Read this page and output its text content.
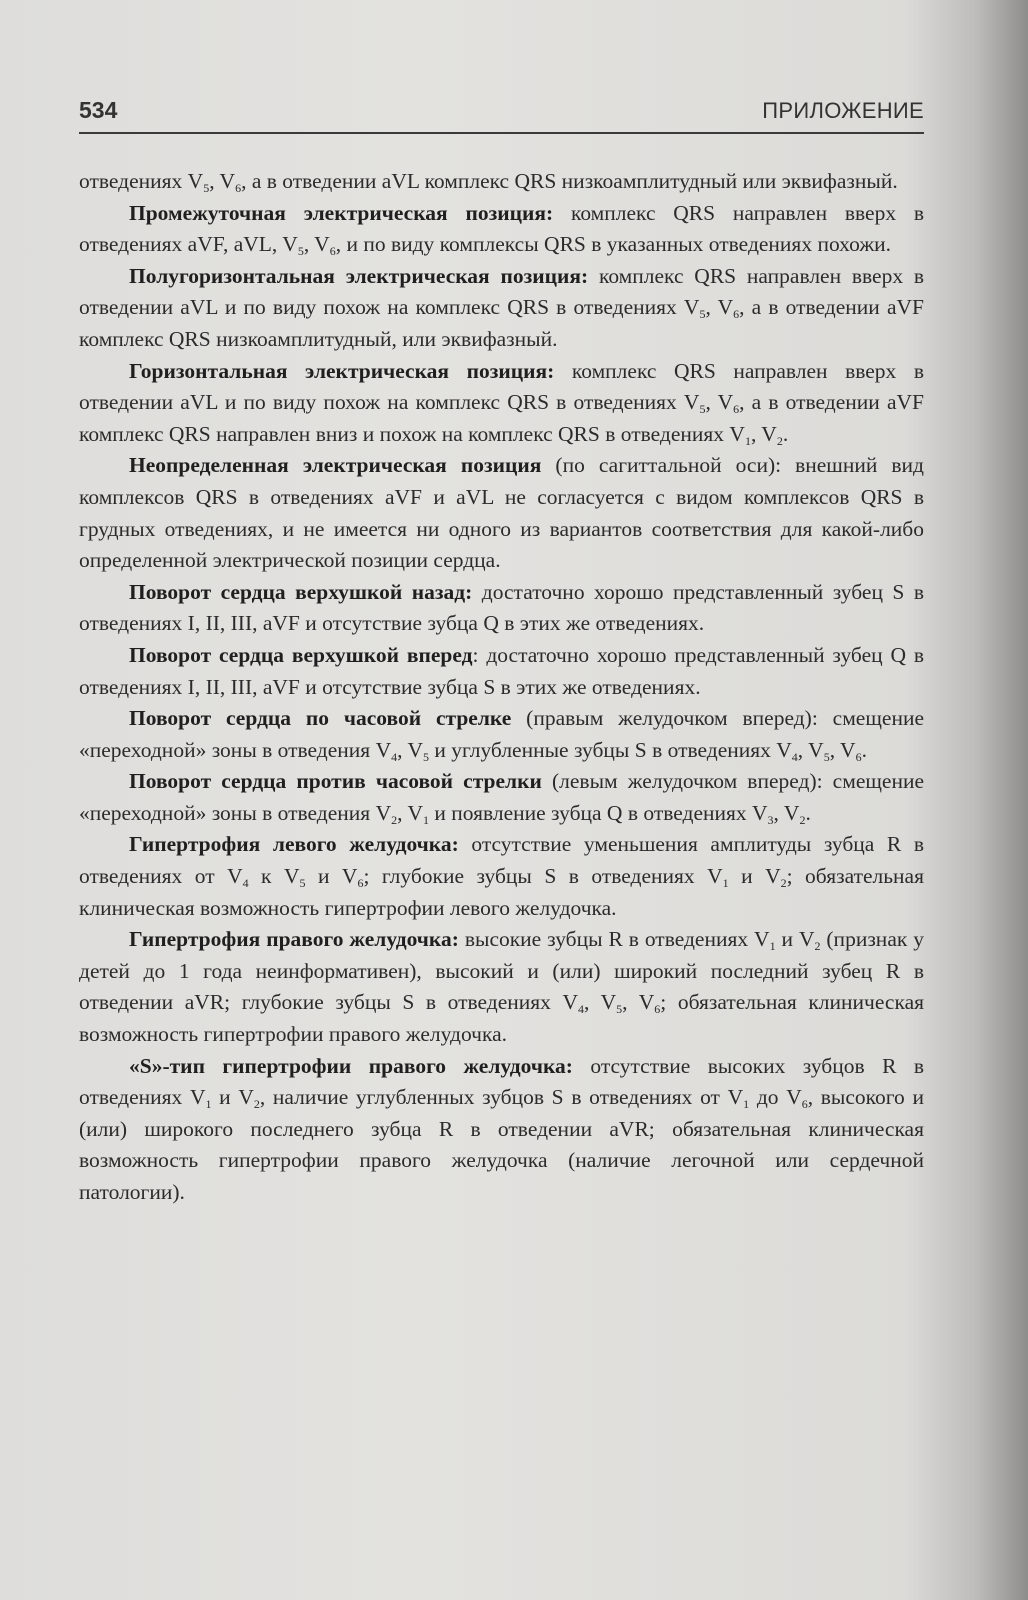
534	ПРИЛОЖЕНИЕ

отведениях $V_5$, $V_6$, а в отведении aVL комплекс QRS низкоамплитудный или эквифазный.

Промежуточная электрическая позиция: комплекс QRS направлен вверх в отведениях aVF, aVL, $V_5$, $V_6$, и по виду комплексы QRS в указанных отведениях похожи.

Полугоризонтальная электрическая позиция: комплекс QRS направлен вверх в отведении aVL и по виду похож на комплекс QRS в отведениях $V_5$, $V_6$, а в отведении aVF комплекс QRS низкоамплитудный, или эквифазный.

Горизонтальная электрическая позиция: комплекс QRS направлен вверх в отведении aVL и по виду похож на комплекс QRS в отведениях $V_5$, $V_6$, а в отведении aVF комплекс QRS направлен вниз и похож на комплекс QRS в отведениях $V_1$, $V_2$.

Неопределенная электрическая позиция (по сагиттальной оси): внешний вид комплексов QRS в отведениях aVF и aVL не согласуется с видом комплексов QRS в грудных отведениях, и не имеется ни одного из вариантов соответствия для какой-либо определенной электрической позиции сердца.

Поворот сердца верхушкой назад: достаточно хорошо представленный зубец S в отведениях I, II, III, aVF и отсутствие зубца Q в этих же отведениях.

Поворот сердца верхушкой вперед: достаточно хорошо представленный зубец Q в отведениях I, II, III, aVF и отсутствие зубца S в этих же отведениях.

Поворот сердца по часовой стрелке (правым желудочком вперед): смещение «переходной» зоны в отведения $V_4$, $V_5$ и углубленные зубцы S в отведениях $V_4$, $V_5$, $V_6$.

Поворот сердца против часовой стрелки (левым желудочком вперед): смещение «переходной» зоны в отведения $V_2$, $V_1$ и появление зубца Q в отведениях $V_3$, $V_2$.

Гипертрофия левого желудочка: отсутствие уменьшения амплитуды зубца R в отведениях от $V_4$ к $V_5$ и $V_6$; глубокие зубцы S в отведениях $V_1$ и $V_2$; обязательная клиническая возможность гипертрофии левого желудочка.

Гипертрофия правого желудочка: высокие зубцы R в отведениях $V_1$ и $V_2$ (признак у детей до 1 года неинформативен), высокий и (или) широкий последний зубец R в отведении aVR; глубокие зубцы S в отведениях $V_4$, $V_5$, $V_6$; обязательная клиническая возможность гипертрофии правого желудочка.

«S»-тип гипертрофии правого желудочка: отсутствие высоких зубцов R в отведениях $V_1$ и $V_2$, наличие углубленных зубцов S в отведениях от $V_1$ до $V_6$, высокого и (или) широкого последнего зубца R в отведении aVR; обязательная клиническая возможность гипертрофии правого желудочка (наличие легочной или сердечной патологии).
